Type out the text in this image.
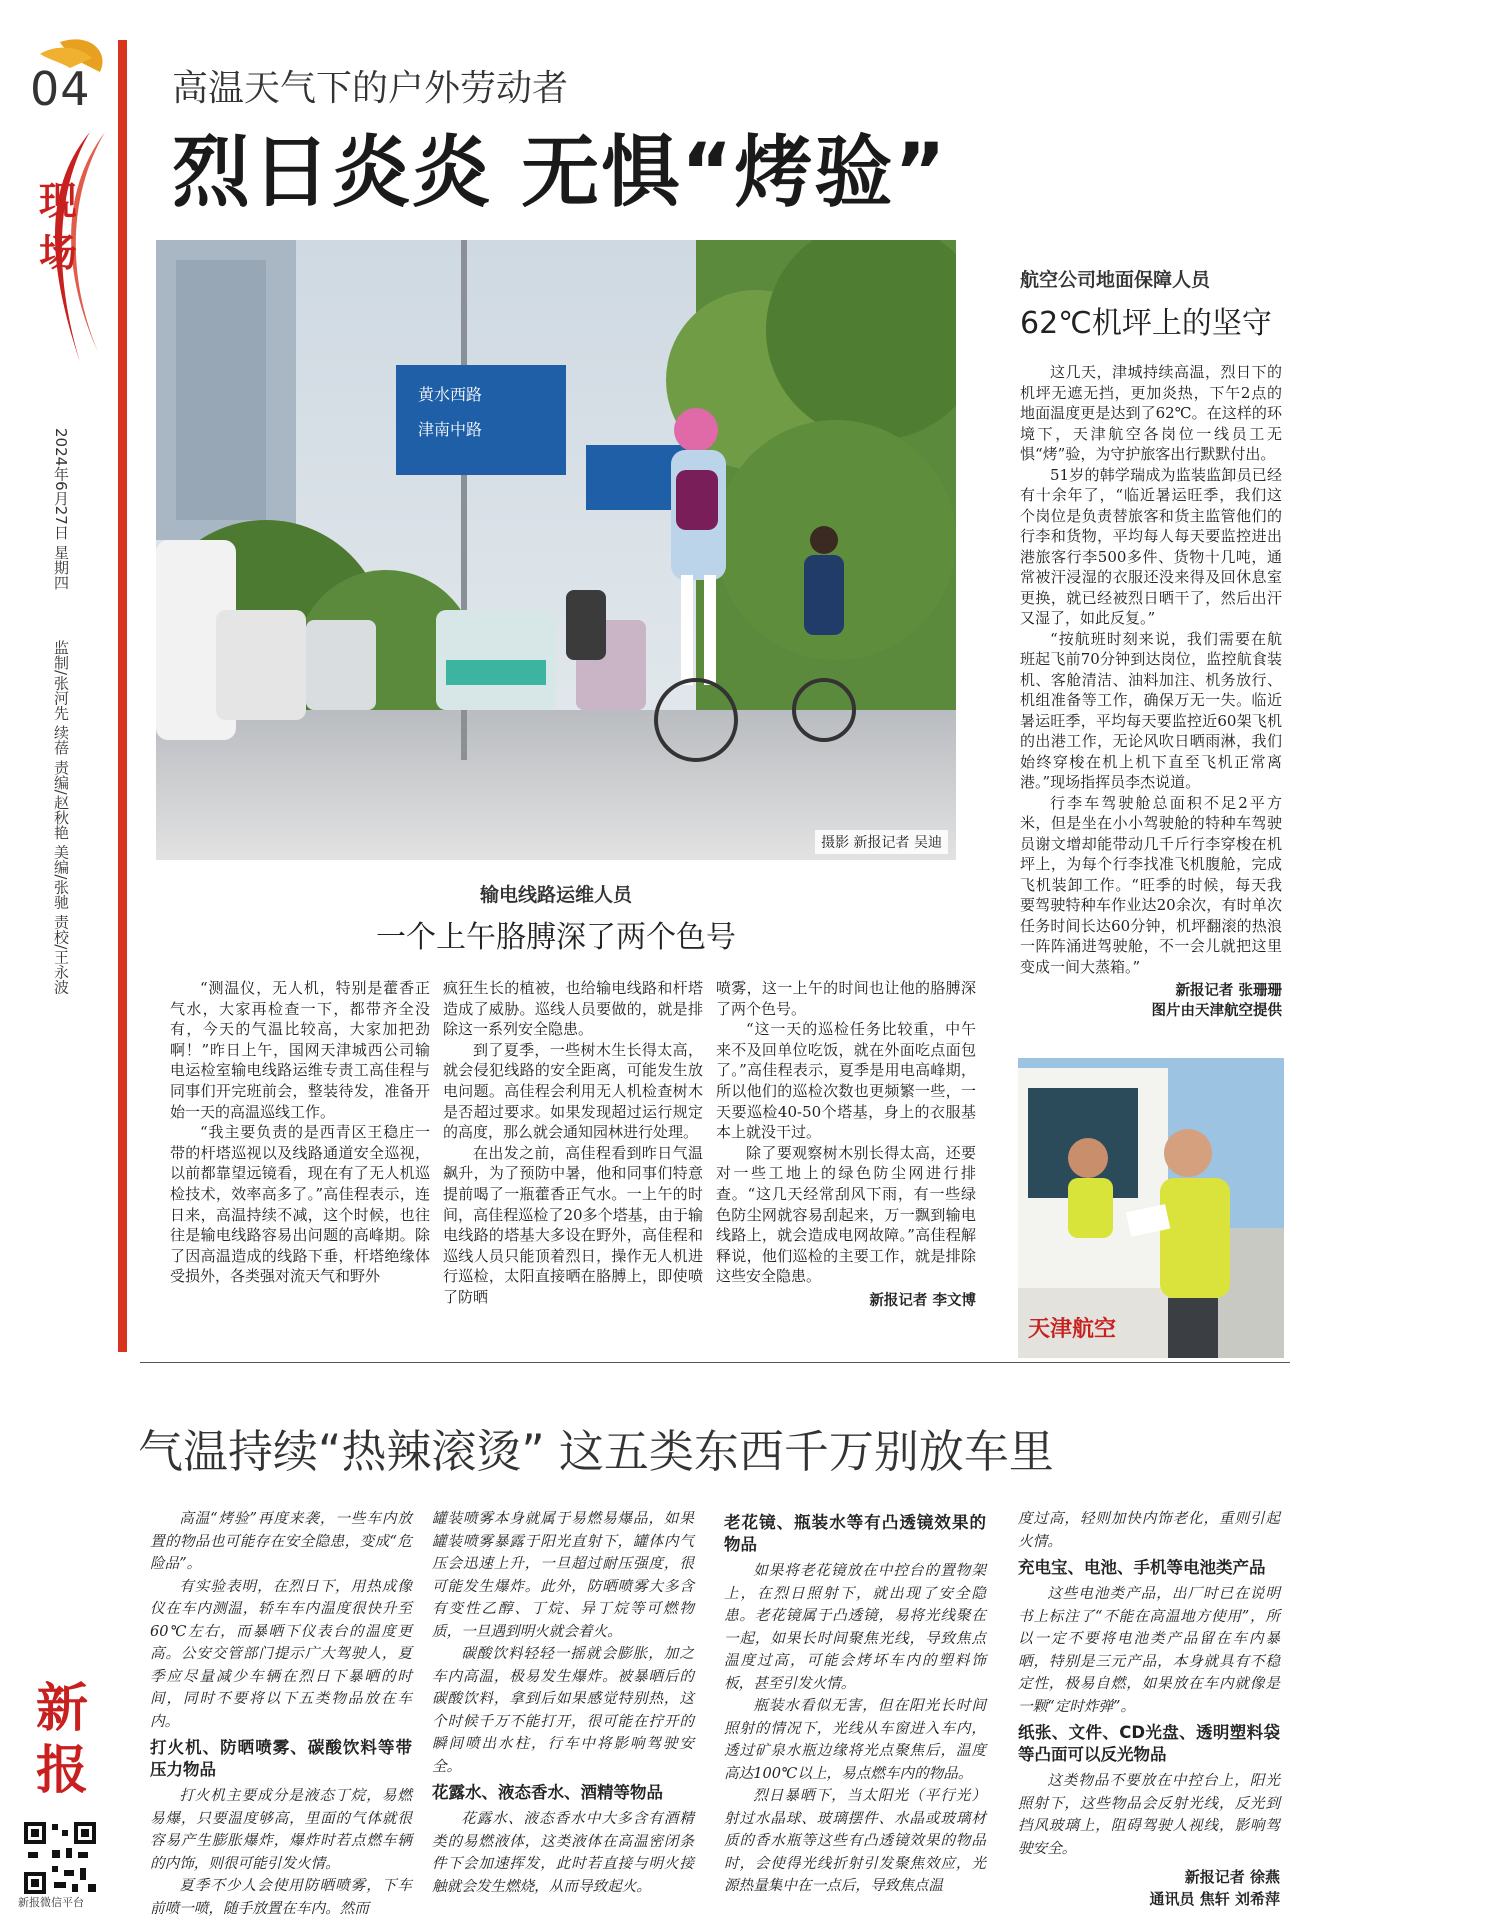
04
现场
2024年6月27日 星期四
监制/张河先 续蓓 责编/赵秋艳 美编/张驰 责校/王永波
高温天气下的户外劳动者
烈日炎炎 无惧“烤验”
黄水西路
津南中路
摄影 新报记者 吴迪
航空公司地面保障人员
62℃机坪上的坚守

这几天，津城持续高温，烈日下的机坪无遮无挡，更加炎热，下午2点的地面温度更是达到了62℃。在这样的环境下，天津航空各岗位一线员工无惧“烤”验，为守护旅客出行默默付出。

51岁的韩学瑞成为监装监卸员已经有十余年了，“临近暑运旺季，我们这个岗位是负责替旅客和货主监管他们的行李和货物，平均每人每天要监控进出港旅客行李500多件、货物十几吨，通常被汗浸湿的衣服还没来得及回休息室更换，就已经被烈日晒干了，然后出汗又湿了，如此反复。”

“按航班时刻来说，我们需要在航班起飞前70分钟到达岗位，监控航食装机、客舱清洁、油料加注、机务放行、机组准备等工作，确保万无一失。临近暑运旺季，平均每天要监控近60架飞机的出港工作，无论风吹日晒雨淋，我们始终穿梭在机上机下直至飞机正常离港。”现场指挥员李杰说道。

行李车驾驶舱总面积不足2平方米，但是坐在小小驾驶舱的特种车驾驶员谢文增却能带动几千斤行李穿梭在机坪上，为每个行李找准飞机腹舱，完成飞机装卸工作。“旺季的时候，每天我要驾驶特种车作业达20余次，有时单次任务时间长达60分钟，机坪翻滚的热浪一阵阵涌进驾驶舱，不一会儿就把这里变成一间大蒸箱。”

新报记者 张珊珊
图片由天津航空提供
天津航空
输电线路运维人员
一个上午胳膊深了两个色号

“测温仪，无人机，特别是藿香正气水，大家再检查一下，都带齐全没有，今天的气温比较高，大家加把劲啊！”昨日上午，国网天津城西公司输电运检室输电线路运维专责工高佳程与同事们开完班前会，整装待发，准备开始一天的高温巡线工作。

“我主要负责的是西青区王稳庄一带的杆塔巡视以及线路通道安全巡视，以前都靠望远镜看，现在有了无人机巡检技术，效率高多了。”高佳程表示，连日来，高温持续不减，这个时候，也往往是输电线路容易出问题的高峰期。除了因高温造成的线路下垂，杆塔绝缘体受损外，各类强对流天气和野外

疯狂生长的植被，也给输电线路和杆塔造成了威胁。巡线人员要做的，就是排除这一系列安全隐患。

到了夏季，一些树木生长得太高，就会侵犯线路的安全距离，可能发生放电问题。高佳程会利用无人机检查树木是否超过要求。如果发现超过运行规定的高度，那么就会通知园林进行处理。

在出发之前，高佳程看到昨日气温飙升，为了预防中暑，他和同事们特意提前喝了一瓶藿香正气水。一上午的时间，高佳程巡检了20多个塔基，由于输电线路的塔基大多设在野外，高佳程和巡线人员只能顶着烈日，操作无人机进行巡检，太阳直接晒在胳膊上，即使喷了防晒

喷雾，这一上午的时间也让他的胳膊深了两个色号。

“这一天的巡检任务比较重，中午来不及回单位吃饭，就在外面吃点面包了。”高佳程表示，夏季是用电高峰期，所以他们的巡检次数也更频繁一些，一天要巡检40-50个塔基，身上的衣服基本上就没干过。

除了要观察树木别长得太高，还要对一些工地上的绿色防尘网进行排查。“这几天经常刮风下雨，有一些绿色防尘网就容易刮起来，万一飘到输电线路上，就会造成电网故障。”高佳程解释说，他们巡检的主要工作，就是排除这些安全隐患。

新报记者 李文博
气温持续“热辣滚烫” 这五类东西千万别放车里

高温“烤验”再度来袭，一些车内放置的物品也可能存在安全隐患，变成“危险品”。

有实验表明，在烈日下，用热成像仪在车内测温，轿车车内温度很快升至60℃左右，而暴晒下仪表台的温度更高。公安交管部门提示广大驾驶人，夏季应尽量减少车辆在烈日下暴晒的时间，同时不要将以下五类物品放在车内。

打火机、防晒喷雾、碳酸饮料等带压力物品

打火机主要成分是液态丁烷，易燃易爆，只要温度够高，里面的气体就很容易产生膨胀爆炸，爆炸时若点燃车辆的内饰，则很可能引发火情。

夏季不少人会使用防晒喷雾，下车前喷一喷，随手放置在车内。然而

罐装喷雾本身就属于易燃易爆品，如果罐装喷雾暴露于阳光直射下，罐体内气压会迅速上升，一旦超过耐压强度，很可能发生爆炸。此外，防晒喷雾大多含有变性乙醇、丁烷、异丁烷等可燃物质，一旦遇到明火就会着火。

碳酸饮料轻轻一摇就会膨胀，加之车内高温，极易发生爆炸。被暴晒后的碳酸饮料，拿到后如果感觉特别热，这个时候千万不能打开，很可能在拧开的瞬间喷出水柱，行车中将影响驾驶安全。

花露水、液态香水、酒精等物品

花露水、液态香水中大多含有酒精类的易燃液体，这类液体在高温密闭条件下会加速挥发，此时若直接与明火接触就会发生燃烧，从而导致起火。

老花镜、瓶装水等有凸透镜效果的物品

如果将老花镜放在中控台的置物架上，在烈日照射下，就出现了安全隐患。老花镜属于凸透镜，易将光线聚在一起，如果长时间聚焦光线，导致焦点温度过高，可能会烤坏车内的塑料饰板，甚至引发火情。

瓶装水看似无害，但在阳光长时间照射的情况下，光线从车窗进入车内，透过矿泉水瓶边缘将光点聚焦后，温度高达100℃以上，易点燃车内的物品。

烈日暴晒下，当太阳光（平行光）射过水晶球、玻璃摆件、水晶或玻璃材质的香水瓶等这些有凸透镜效果的物品时，会使得光线折射引发聚焦效应，光源热量集中在一点后，导致焦点温

度过高，轻则加快内饰老化，重则引起火情。

充电宝、电池、手机等电池类产品

这些电池类产品，出厂时已在说明书上标注了“不能在高温地方使用”，所以一定不要将电池类产品留在车内暴晒，特别是三元产品，本身就具有不稳定性，极易自燃，如果放在车内就像是一颗“定时炸弹”。

纸张、文件、CD光盘、透明塑料袋等凸面可以反光物品

这类物品不要放在中控台上，阳光照射下，这些物品会反射光线，反光到挡风玻璃上，阻碍驾驶人视线，影响驾驶安全。

新报记者 徐燕
通讯员 焦轩 刘希萍
新报
新报微信平台
